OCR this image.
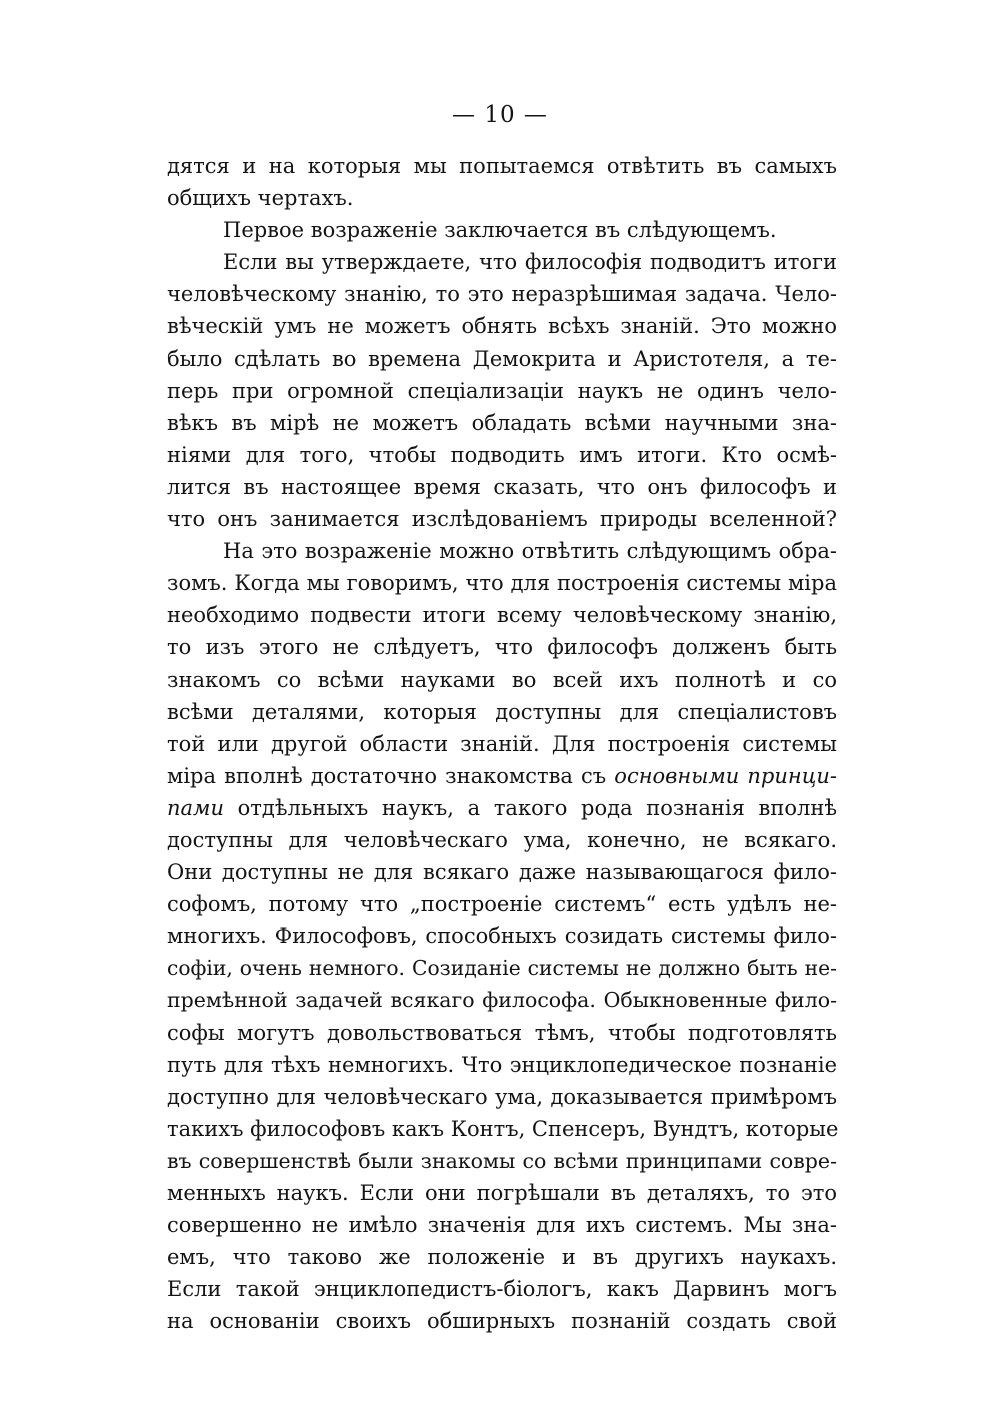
— 10 —
дятся и на которыя мы попытаемся отвѣтить въ самыхъ
общихъ чертахъ.
Первое возраженіе заключается въ слѣдующемъ.
Если вы утверждаете, что философія подводитъ итоги
человѣческому знанію, то это неразрѣшимая задача. Чело-
вѣческій умъ не можетъ обнять всѣхъ знаній. Это можно
было сдѣлать во времена Демокрита и Аристотеля, а те-
перь при огромной спеціализаціи наукъ не одинъ чело-
вѣкъ въ мірѣ не можетъ обладать всѣми научными зна-
ніями для того, чтобы подводить имъ итоги. Кто осмѣ-
лится въ настоящее время сказать, что онъ философъ и
что онъ занимается изслѣдованіемъ природы вселенной?
На это возраженіе можно отвѣтить слѣдующимъ обра-
зомъ. Когда мы говоримъ, что для построенія системы міра
необходимо подвести итоги всему человѣческому знанію,
то изъ этого не слѣдуетъ, что философъ долженъ быть
знакомъ со всѣми науками во всей ихъ полнотѣ и со
всѣми деталями, которыя доступны для спеціалистовъ
той или другой области знаній. Для построенія системы
міра вполнѣ достаточно знакомства съ основными принци-
пами отдѣльныхъ наукъ, а такого рода познанія вполнѣ
доступны для человѣческаго ума, конечно, не всякаго.
Они доступны не для всякаго даже называющагося фило-
софомъ, потому что „построеніе системъ“ есть удѣлъ не-
многихъ. Философовъ, способныхъ созидать системы фило-
софіи, очень немного. Созиданіе системы не должно быть не-
премѣнной задачей всякаго философа. Обыкновенные фило-
софы могутъ довольствоваться тѣмъ, чтобы подготовлять
путь для тѣхъ немногихъ. Что энциклопедическое познаніе
доступно для человѣческаго ума, доказывается примѣромъ
такихъ философовъ какъ Контъ, Спенсеръ, Вундтъ, которые
въ совершенствѣ были знакомы со всѣми принципами совре-
менныхъ наукъ. Если они погрѣшали въ деталяхъ, то это
совершенно не имѣло значенія для ихъ системъ. Мы зна-
емъ, что таково же положеніе и въ другихъ наукахъ.
Если такой энциклопедистъ-біологъ, какъ Дарвинъ могъ
на основаніи своихъ обширныхъ познаній создать свой
